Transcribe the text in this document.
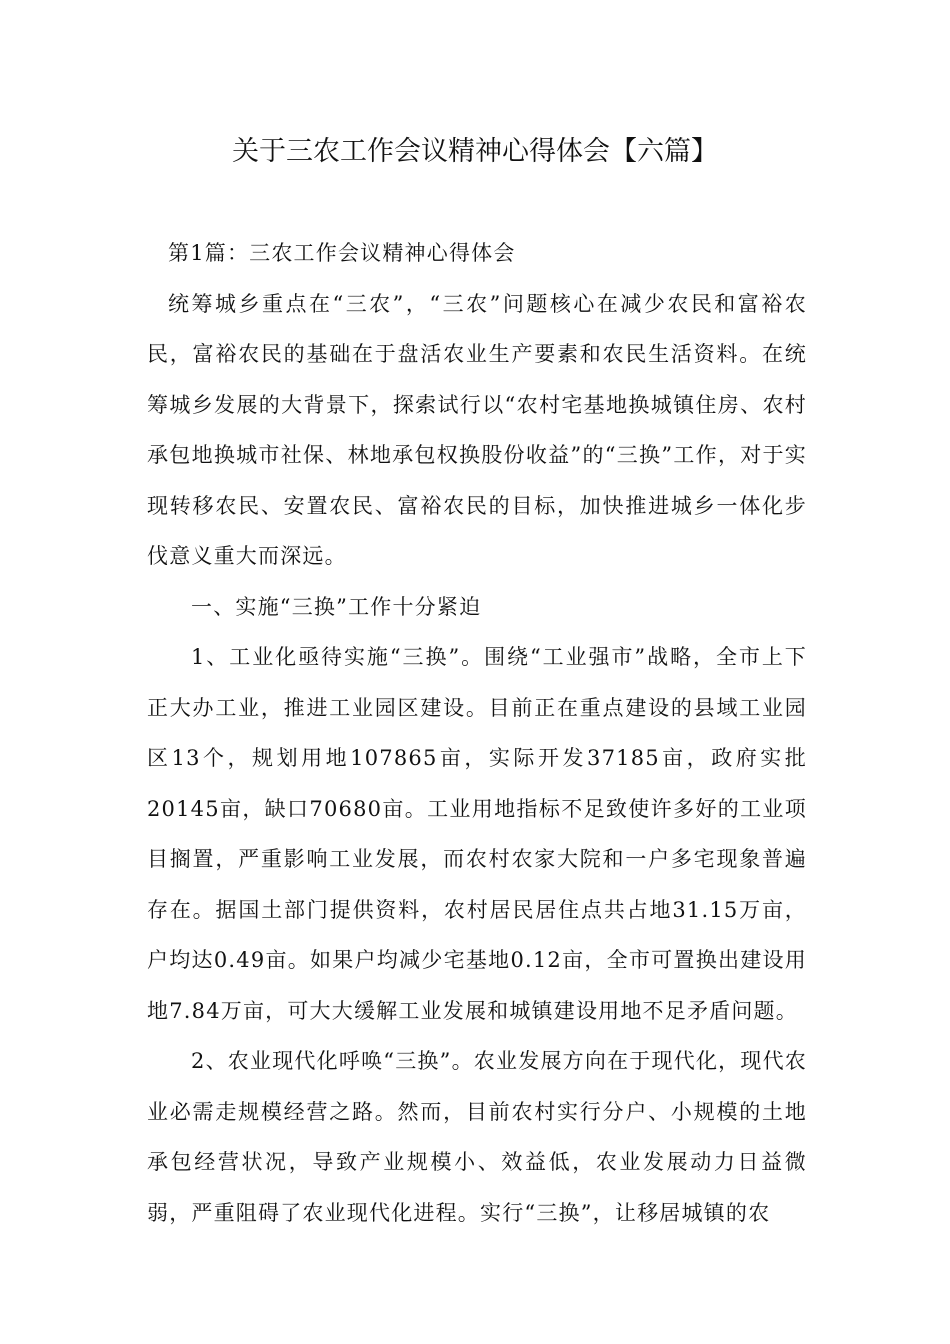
关于三农工作会议精神心得体会【六篇】

第1篇：三农工作会议精神心得体会

统筹城乡重点在“三农”，“三农”问题核心在减少农民和富裕农民，富裕农民的基础在于盘活农业生产要素和农民生活资料。在统筹城乡发展的大背景下，探索试行以“农村宅基地换城镇住房、农村承包地换城市社保、林地承包权换股份收益”的“三换”工作，对于实现转移农民、安置农民、富裕农民的目标，加快推进城乡一体化步伐意义重大而深远。

一、实施“三换”工作十分紧迫

1、工业化亟待实施“三换”。围绕“工业强市”战略，全市上下正大办工业，推进工业园区建设。目前正在重点建设的县域工业园区13个，规划用地107865亩，实际开发37185亩，政府实批20145亩，缺口70680亩。工业用地指标不足致使许多好的工业项目搁置，严重影响工业发展，而农村农家大院和一户多宅现象普遍存在。据国土部门提供资料，农村居民居住点共占地31.15万亩，户均达0.49亩。如果户均减少宅基地0.12亩，全市可置换出建设用地7.84万亩，可大大缓解工业发展和城镇建设用地不足矛盾问题。

2、农业现代化呼唤“三换”。农业发展方向在于现代化，现代农业必需走规模经营之路。然而，目前农村实行分户、小规模的土地承包经营状况，导致产业规模小、效益低，农业发展动力日益微弱，严重阻碍了农业现代化进程。实行“三换”，让移居城镇的农
